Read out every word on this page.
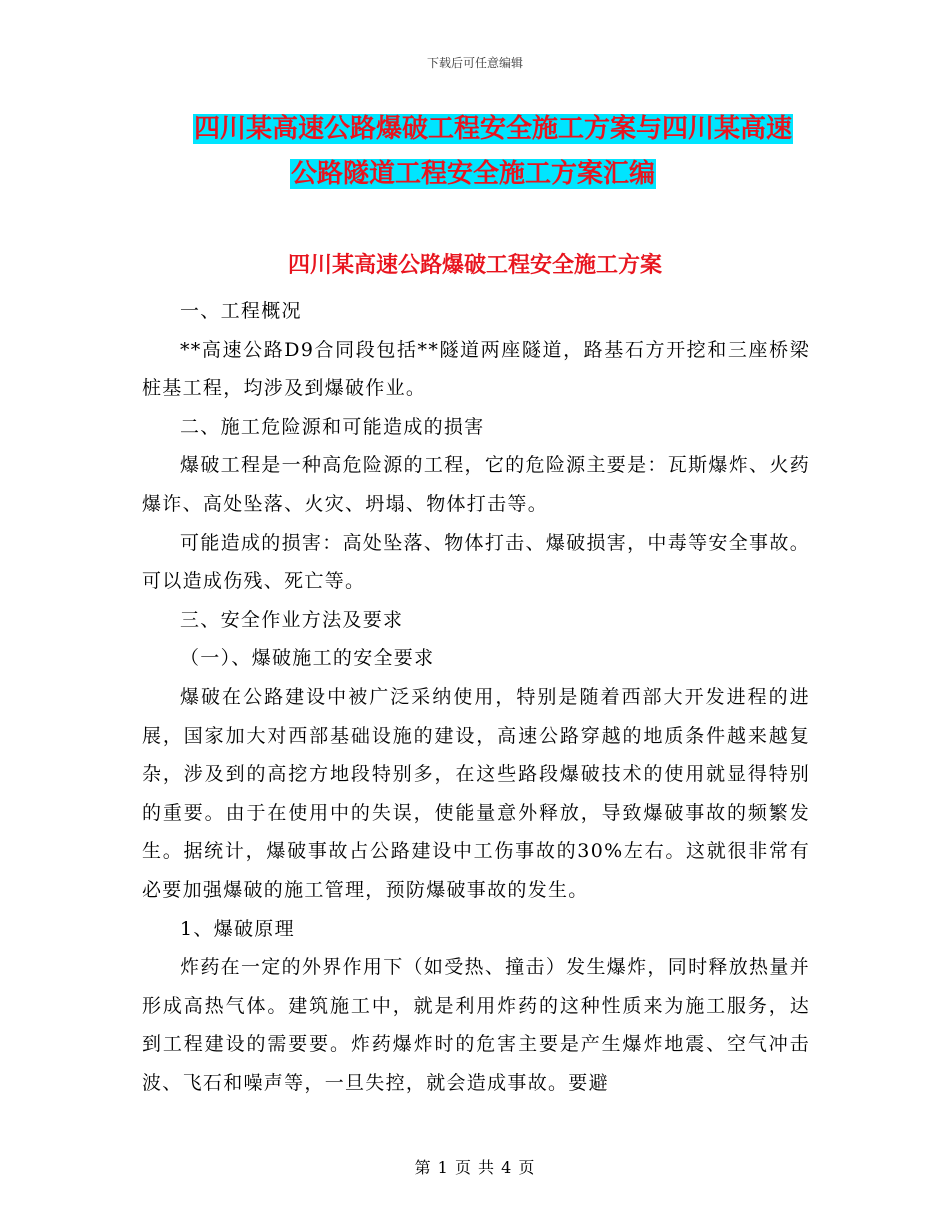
下载后可任意编辑
四川某高速公路爆破工程安全施工方案与四川某高速
公路隧道工程安全施工方案汇编
四川某高速公路爆破工程安全施工方案

一、工程概况

**高速公路D9合同段包括**隧道两座隧道，路基石方开挖和三座桥梁桩基工程，均涉及到爆破作业。

二、施工危险源和可能造成的损害

爆破工程是一种高危险源的工程，它的危险源主要是：瓦斯爆炸、火药爆诈、高处坠落、火灾、坍塌、物体打击等。

可能造成的损害：高处坠落、物体打击、爆破损害，中毒等安全事故。可以造成伤残、死亡等。

三、安全作业方法及要求

（一）、爆破施工的安全要求

爆破在公路建设中被广泛采纳使用，特别是随着西部大开发进程的进展，国家加大对西部基础设施的建设，高速公路穿越的地质条件越来越复杂，涉及到的高挖方地段特别多，在这些路段爆破技术的使用就显得特别的重要。由于在使用中的失误，使能量意外释放，导致爆破事故的频繁发生。据统计，爆破事故占公路建设中工伤事故的30%左右。这就很非常有必要加强爆破的施工管理，预防爆破事故的发生。

1、爆破原理

炸药在一定的外界作用下（如受热、撞击）发生爆炸，同时释放热量并形成高热气体。建筑施工中，就是利用炸药的这种性质来为施工服务，达到工程建设的需要要。炸药爆炸时的危害主要是产生爆炸地震、空气冲击波、飞石和噪声等，一旦失控，就会造成事故。要避

第 1 页 共 4 页
